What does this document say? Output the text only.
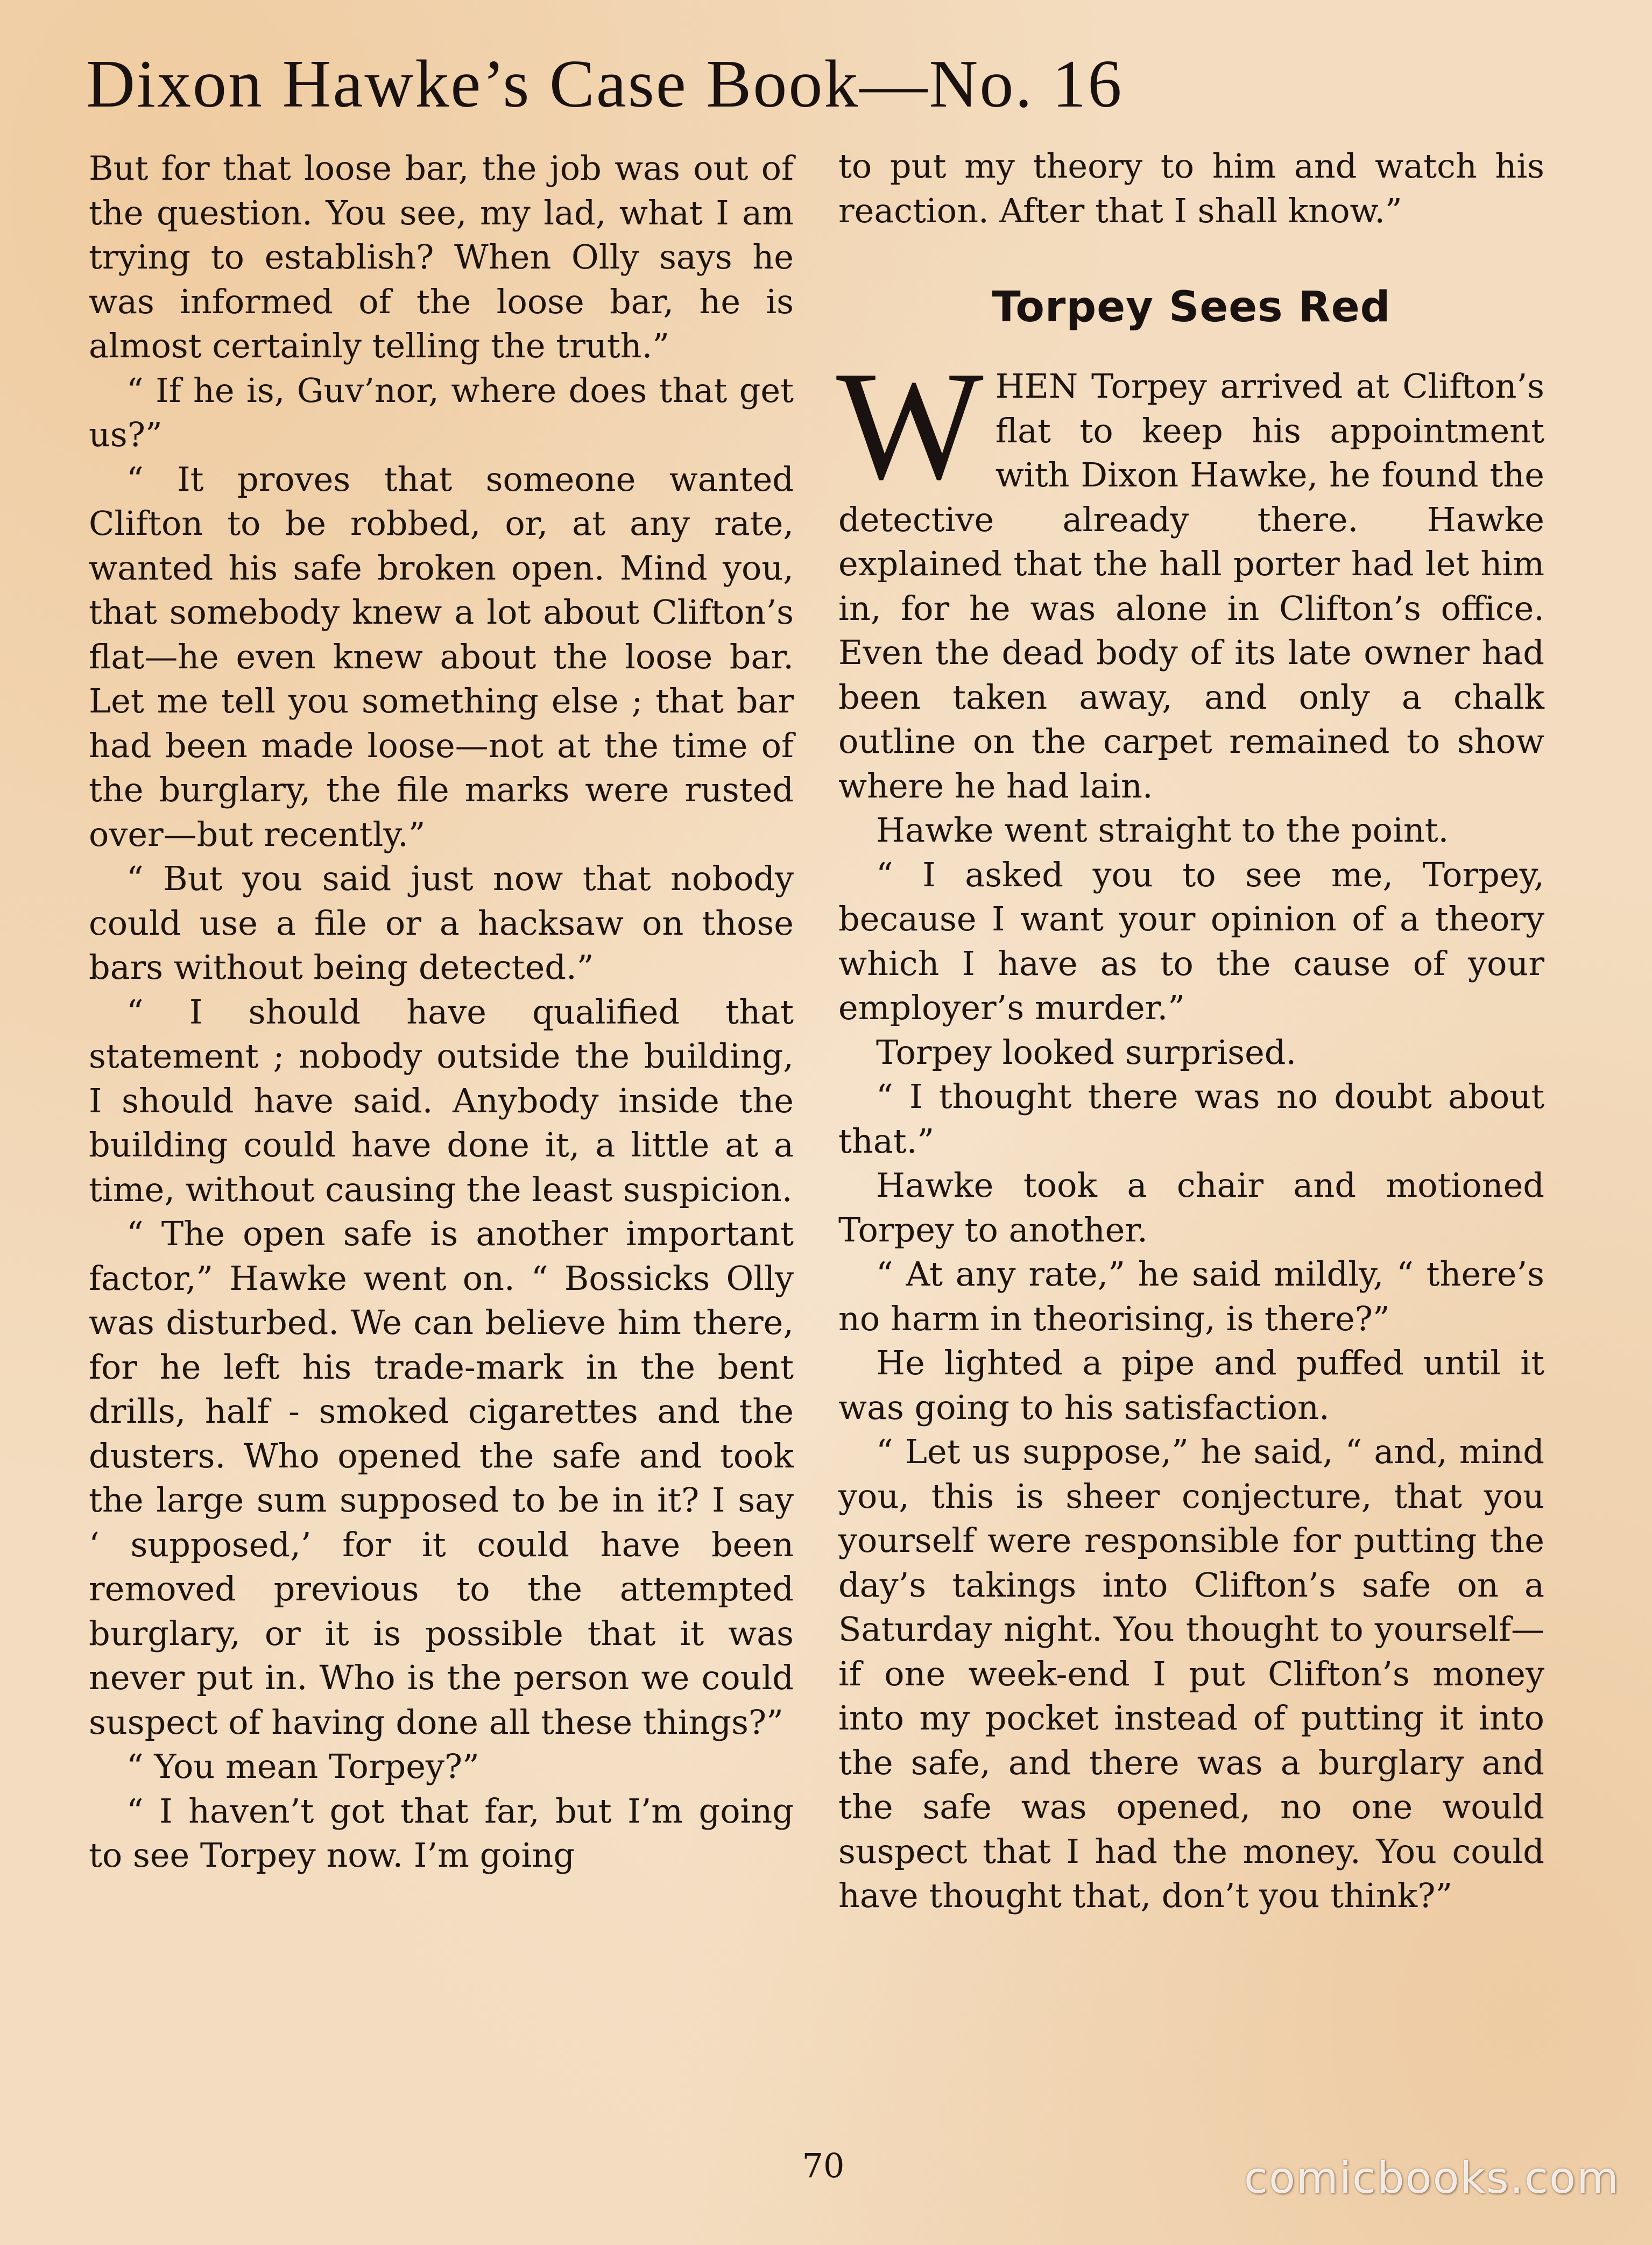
Dixon Hawke’s Case Book—No. 16

But for that loose bar, the job was out of the question. You see, my lad, what I am trying to establish? When Olly says he was informed of the loose bar, he is almost certainly telling the truth.”

“ If he is, Guv’nor, where does that get us?”

“ It proves that someone wanted Clifton to be robbed, or, at any rate, wanted his safe broken open. Mind you, that somebody knew a lot about Clifton’s flat—he even knew about the loose bar. Let me tell you something else ; that bar had been made loose—not at the time of the burglary, the file marks were rusted over—but recently.”

“ But you said just now that nobody could use a file or a hacksaw on those bars without being detected.”

“ I should have qualified that statement ; nobody outside the building, I should have said. Anybody inside the building could have done it, a little at a time, without causing the least suspicion.

“ The open safe is another important factor,” Hawke went on. “ Bossicks Olly was disturbed. We can believe him there, for he left his trade-mark in the bent drills, half - smoked cigarettes and the dusters. Who opened the safe and took the large sum supposed to be in it? I say ‘ supposed,’ for it could have been removed previous to the attempted burglary, or it is possible that it was never put in. Who is the person we could suspect of having done all these things?”

“ You mean Torpey?”

“ I haven’t got that far, but I’m going to see Torpey now. I’m going

to put my theory to him and watch his reaction. After that I shall know.”

Torpey Sees Red

WHEN Torpey arrived at Clifton’s flat to keep his appointment with Dixon Hawke, he found the detective already there. Hawke explained that the hall porter had let him in, for he was alone in Clifton’s office. Even the dead body of its late owner had been taken away, and only a chalk outline on the carpet remained to show where he had lain.

Hawke went straight to the point.

“ I asked you to see me, Torpey, because I want your opinion of a theory which I have as to the cause of your employer’s murder.”

Torpey looked surprised.

“ I thought there was no doubt about that.”

Hawke took a chair and motioned Torpey to another.

“ At any rate,” he said mildly, “ there’s no harm in theorising, is there?”

He lighted a pipe and puffed until it was going to his satisfaction.

“ Let us suppose,” he said, “ and, mind you, this is sheer conjecture, that you yourself were responsible for putting the day’s takings into Clifton’s safe on a Saturday night. You thought to yourself—if one week-end I put Clifton’s money into my pocket instead of putting it into the safe, and there was a burglary and the safe was opened, no one would suspect that I had the money. You could have thought that, don’t you think?”

70	comicbooks.com
